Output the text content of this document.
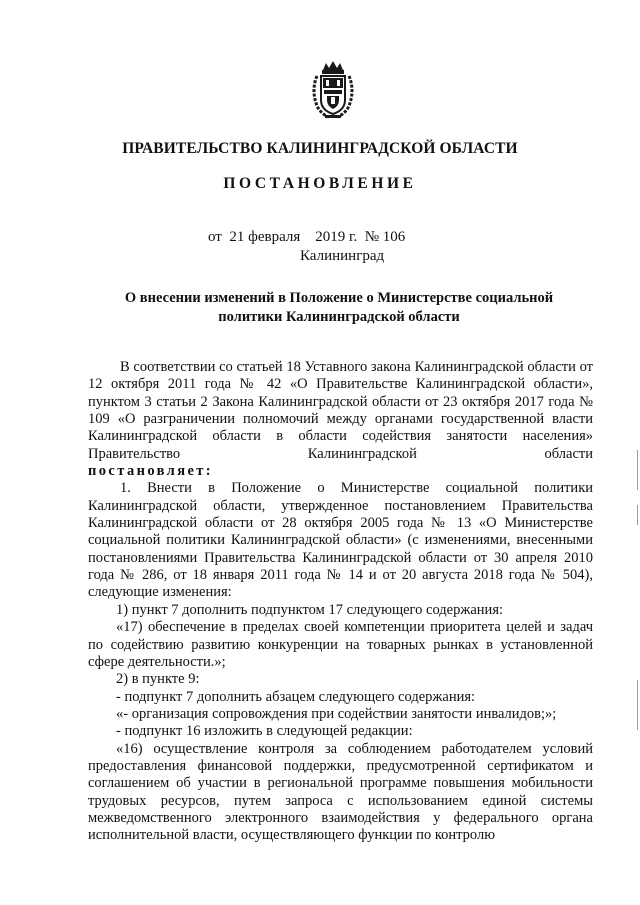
ПРАВИТЕЛЬСТВО КАЛИНИНГРАДСКОЙ ОБЛАСТИ
ПОСТАНОВЛЕНИЕ
от 21 февраля 2019 г. № 106
Калининград
О внесении изменений в Положение о Министерстве социальной
политики Калининградской области

В соответствии со статьей 18 Уставного закона Калининградской области от 12 октября 2011 года № 42 «О Правительстве Калининградской области», пунктом 3 статьи 2 Закона Калининградской области от 23 октября 2017 года № 109 «О разграничении полномочий между органами государственной власти Калининградской области в области содействия занятости населения» Правительство Калининградской области

постановляет:

1. Внести в Положение о Министерстве социальной политики Калининградской области, утвержденное постановлением Правительства Калининградской области от 28 октября 2005 года № 13 «О Министерстве социальной политики Калининградской области» (с изменениями, внесенными постановлениями Правительства Калининградской области от 30 апреля 2010 года № 286, от 18 января 2011 года № 14 и от 20 августа 2018 года № 504), следующие изменения:

1) пункт 7 дополнить подпунктом 17 следующего содержания:

«17) обеспечение в пределах своей компетенции приоритета целей и задач по содействию развитию конкуренции на товарных рынках в установленной сфере деятельности.»;

2) в пункте 9:

- подпункт 7 дополнить абзацем следующего содержания:

«- организация сопровождения при содействии занятости инвалидов;»;

- подпункт 16 изложить в следующей редакции:

«16) осуществление контроля за соблюдением работодателем условий предоставления финансовой поддержки, предусмотренной сертификатом и соглашением об участии в региональной программе повышения мобильности трудовых ресурсов, путем запроса с использованием единой системы межведомственного электронного взаимодействия у федерального органа исполнительной власти, осуществляющего функции по контролю
